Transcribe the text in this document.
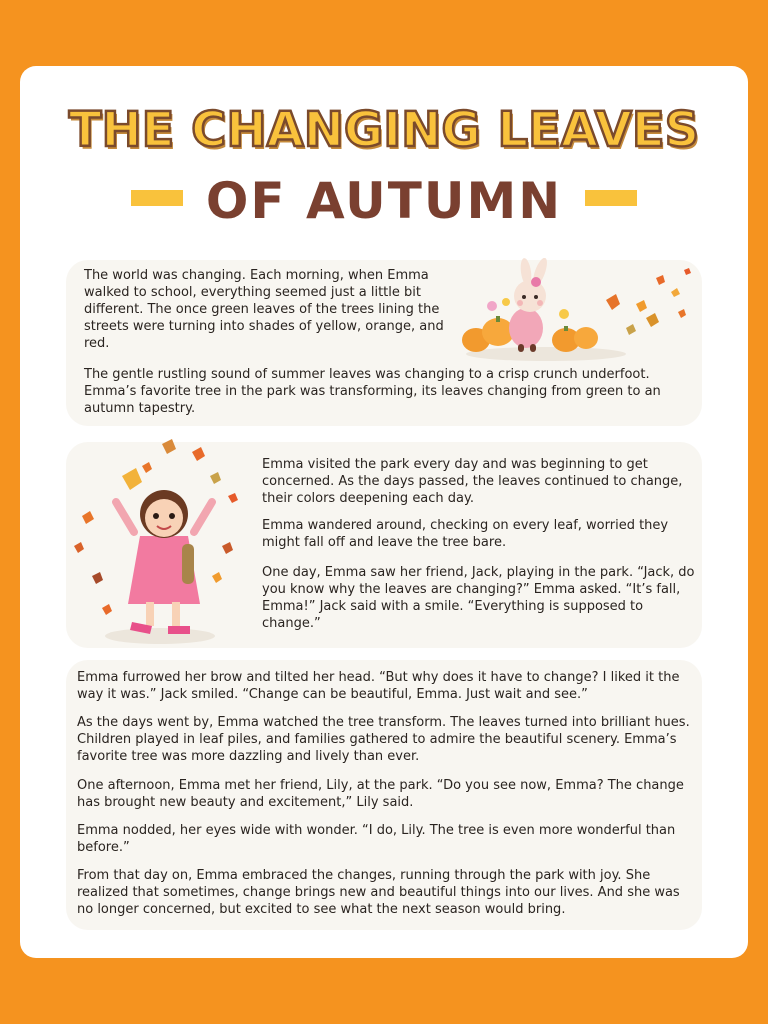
THE CHANGING LEAVES
OF AUTUMN

The world was changing. Each morning, when Emma walked to school, everything seemed just a little bit different. The once green leaves of the trees lining the streets were turning into shades of yellow, orange, and red.

The gentle rustling sound of summer leaves was changing to a crisp crunch underfoot. Emma’s favorite tree in the park was transforming, its leaves changing from green to an autumn tapestry.

Emma visited the park every day and was beginning to get concerned. As the days passed, the leaves continued to change, their colors deepening each day.

Emma wandered around, checking on every leaf, worried they might fall off and leave the tree bare.

One day, Emma saw her friend, Jack, playing in the park. “Jack, do you know why the leaves are changing?” Emma asked. “It’s fall, Emma!” Jack said with a smile. “Everything is supposed to change.”

Emma furrowed her brow and tilted her head. “But why does it have to change? I liked it the way it was.” Jack smiled. “Change can be beautiful, Emma. Just wait and see.”

As the days went by, Emma watched the tree transform. The leaves turned into brilliant hues. Children played in leaf piles, and families gathered to admire the beautiful scenery. Emma’s favorite tree was more dazzling and lively than ever.

One afternoon, Emma met her friend, Lily, at the park. “Do you see now, Emma? The change has brought new beauty and excitement,” Lily said.

Emma nodded, her eyes wide with wonder. “I do, Lily. The tree is even more wonderful than before.”

From that day on, Emma embraced the changes, running through the park with joy. She realized that sometimes, change brings new and beautiful things into our lives. And she was no longer concerned, but excited to see what the next season would bring.
